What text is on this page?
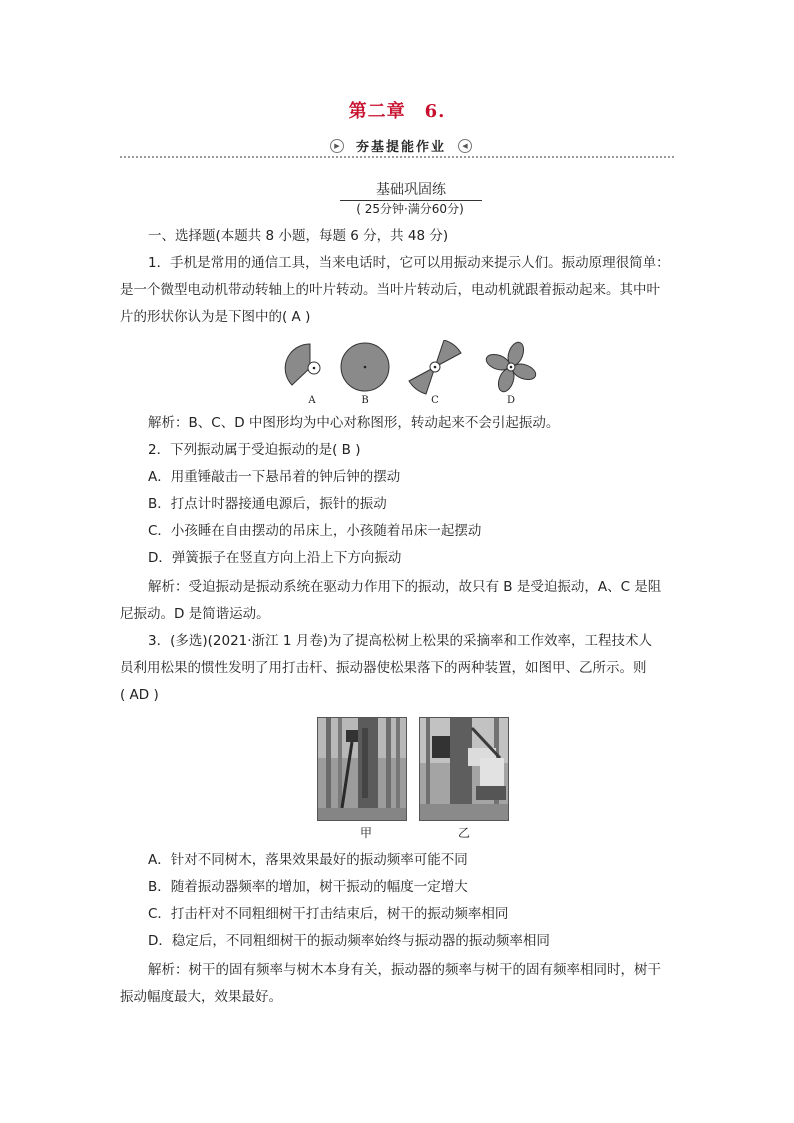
第二章　6.
▶	夯基提能作业	◀
基础巩固练
( 25分钟·满分60分)
一、选择题(本题共 8 小题，每题 6 分，共 48 分)
1．手机是常用的通信工具，当来电话时，它可以用振动来提示人们。振动原理很简单：
是一个微型电动机带动转轴上的叶片转动。当叶片转动后，电动机就跟着振动起来。其中叶
片的形状你认为是下图中的( A )
A	B	C	D
解析：B、C、D 中图形均为中心对称图形，转动起来不会引起振动。
2．下列振动属于受迫振动的是( B )
A．用重锤敲击一下悬吊着的钟后钟的摆动
B．打点计时器接通电源后，振针的振动
C．小孩睡在自由摆动的吊床上，小孩随着吊床一起摆动
D．弹簧振子在竖直方向上沿上下方向振动
解析：受迫振动是振动系统在驱动力作用下的振动，故只有 B 是受迫振动，A、C 是阻
尼振动。D 是简谐运动。
3．(多选)(2021·浙江 1 月卷)为了提高松树上松果的采摘率和工作效率，工程技术人
员利用松果的惯性发明了用打击杆、振动器使松果落下的两种装置，如图甲、乙所示。则
( AD )
甲	乙
A．针对不同树木，落果效果最好的振动频率可能不同
B．随着振动器频率的增加，树干振动的幅度一定增大
C．打击杆对不同粗细树干打击结束后，树干的振动频率相同
D．稳定后，不同粗细树干的振动频率始终与振动器的振动频率相同
解析：树干的固有频率与树木本身有关，振动器的频率与树干的固有频率相同时，树干
振动幅度最大，效果最好。
